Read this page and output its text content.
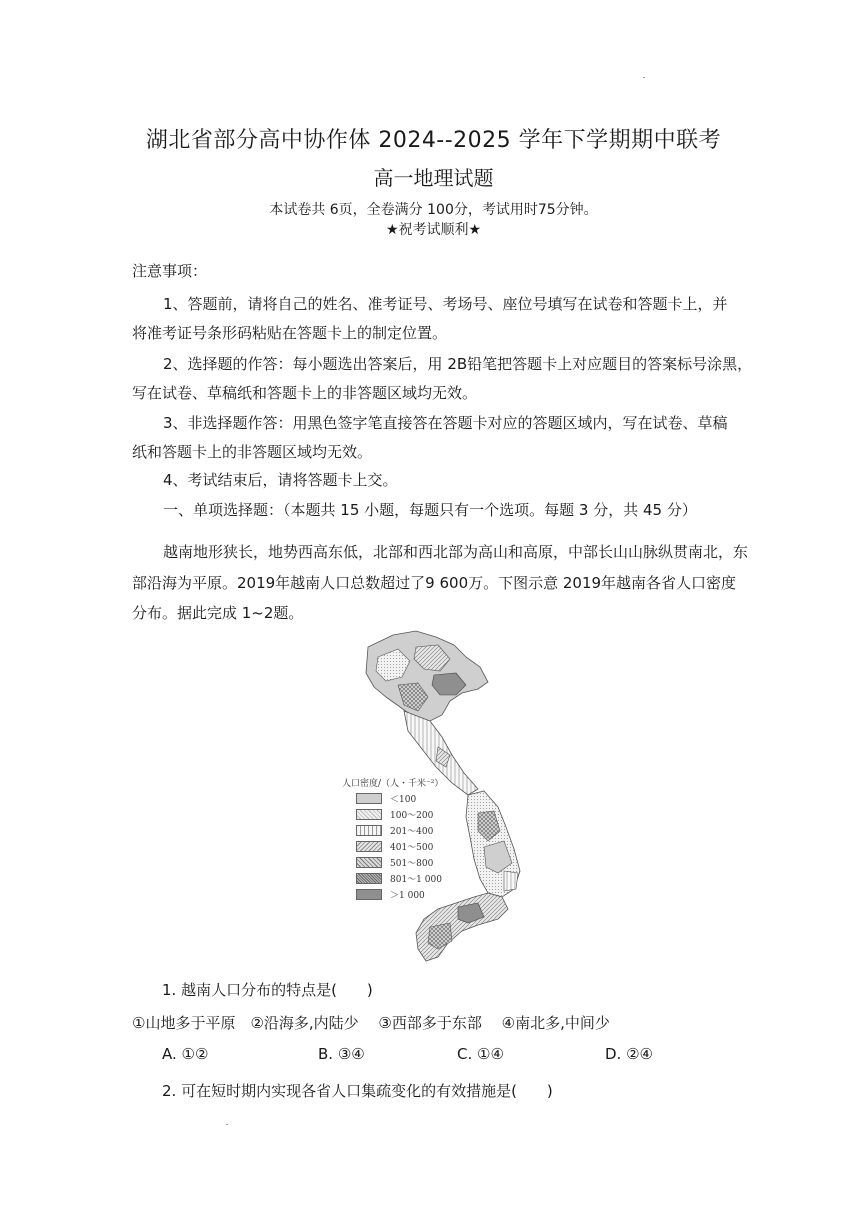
湖北省部分高中协作体 2024--2025 学年下学期期中联考
高一地理试题
本试卷共 6页，全卷满分 100分，考试用时75分钟。
★祝考试顺利★
注意事项：
1、答题前，请将自己的姓名、准考证号、考场号、座位号填写在试卷和答题卡上，并
将准考证号条形码粘贴在答题卡上的制定位置。
2、选择题的作答：每小题选出答案后，用 2B铅笔把答题卡上对应题目的答案标号涂黑，
写在试卷、草稿纸和答题卡上的非答题区域均无效。
3、非选择题作答：用黑色签字笔直接答在答题卡对应的答题区域内，写在试卷、草稿
纸和答题卡上的非答题区域均无效。
4、考试结束后，请将答题卡上交。
一、单项选择题：（本题共 15 小题，每题只有一个选项。每题 3 分，共 45 分）
越南地形狭长，地势西高东低，北部和西北部为高山和高原，中部长山山脉纵贯南北，东
部沿海为平原。2019年越南人口总数超过了9 600万。下图示意 2019年越南各省人口密度
分布。据此完成 1~2题。
人口密度/（人・千米⁻²）
＜100
100～200
201～400
401～500
501～800
801～1 000
＞1 000
1. 越南人口分布的特点是(　　)
①山地多于平原　②沿海多,内陆少　 ③西部多于东部　 ④南北多,中间少
A. ①②	B. ③④	C. ①④	D. ②④
2. 可在短时期内实现各省人口集疏变化的有效措施是(　　)
